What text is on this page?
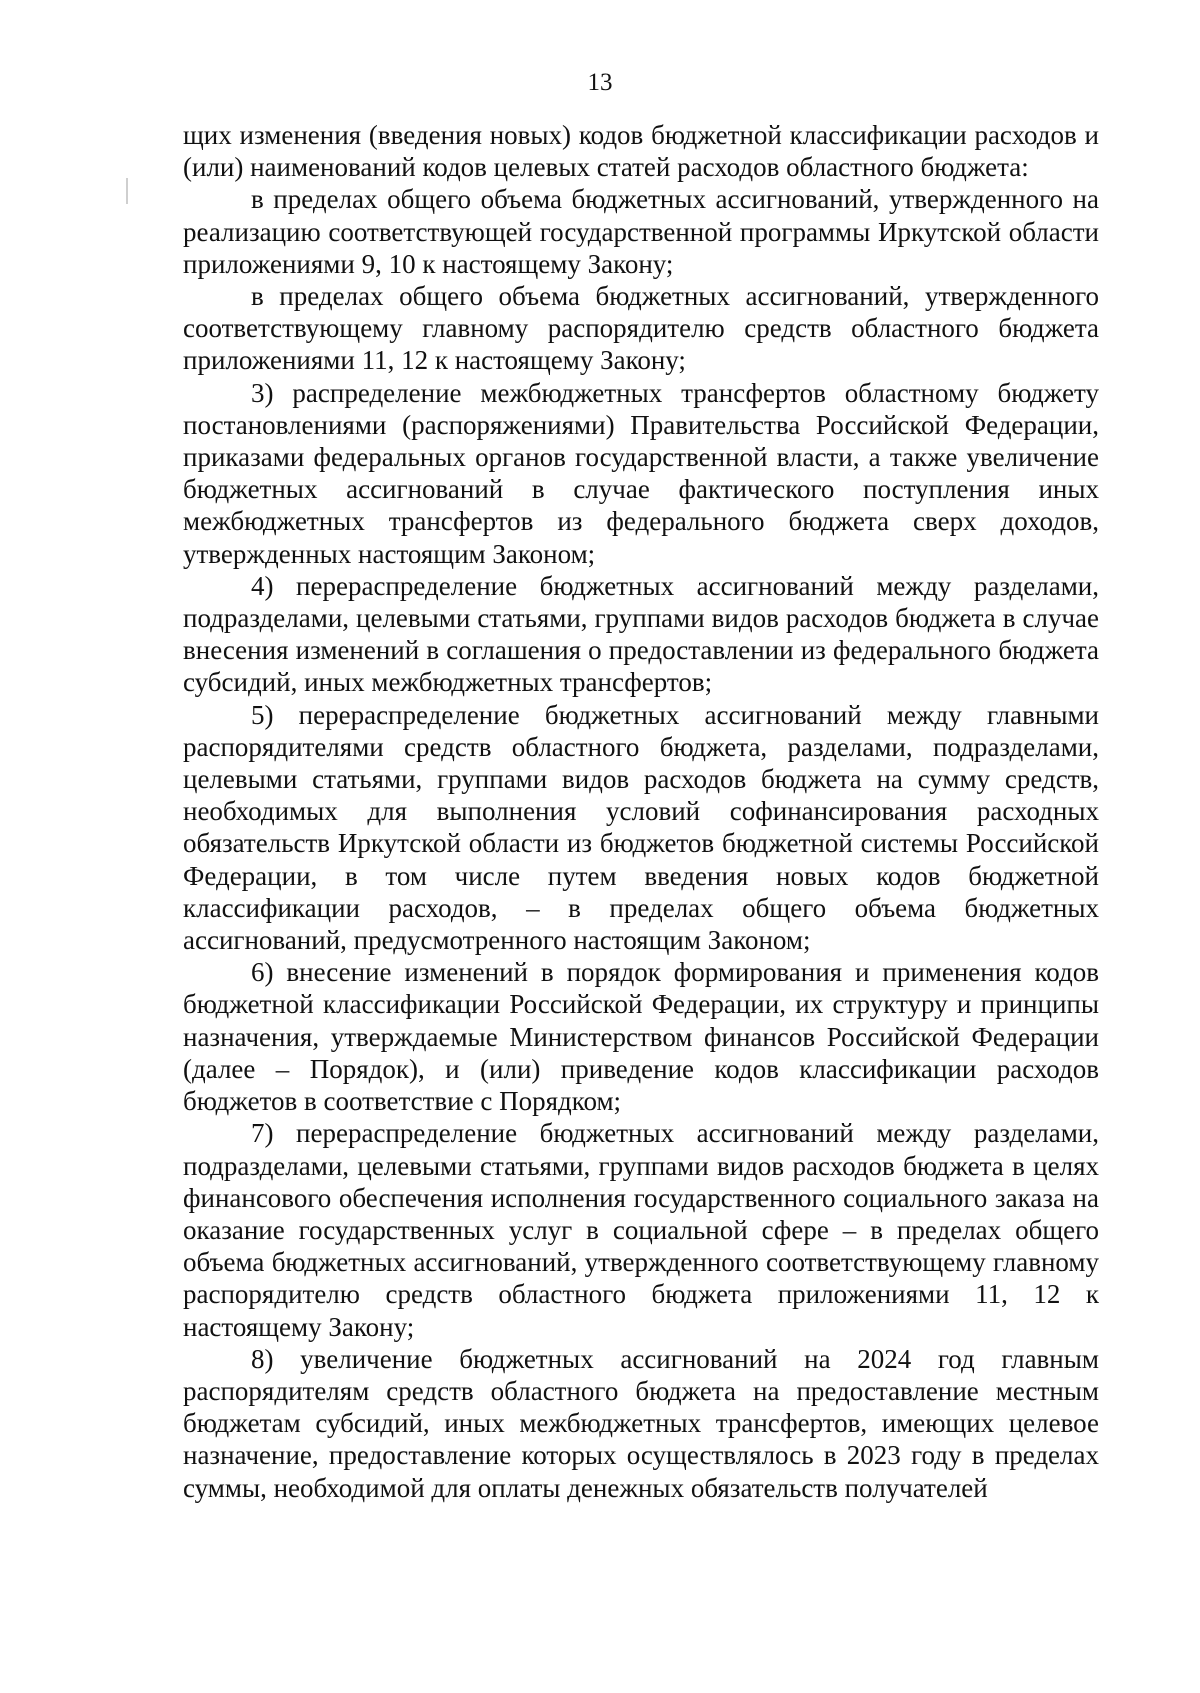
13

щих изменения (введения новых) кодов бюджетной классификации расходов и (или) наименований кодов целевых статей расходов областного бюджета:

в пределах общего объема бюджетных ассигнований, утвержденного на реализацию соответствующей государственной программы Иркутской области приложениями 9, 10 к настоящему Закону;

в пределах общего объема бюджетных ассигнований, утвержденного соответствующему главному распорядителю средств областного бюджета приложениями 11, 12 к настоящему Закону;

3) распределение межбюджетных трансфертов областному бюджету постановлениями (распоряжениями) Правительства Российской Федерации, приказами федеральных органов государственной власти, а также увеличение бюджетных ассигнований в случае фактического поступления иных межбюджетных трансфертов из федерального бюджета сверх доходов, утвержденных настоящим Законом;

4) перераспределение бюджетных ассигнований между разделами, подразделами, целевыми статьями, группами видов расходов бюджета в случае внесения изменений в соглашения о предоставлении из федерального бюджета субсидий, иных межбюджетных трансфертов;

5) перераспределение бюджетных ассигнований между главными распорядителями средств областного бюджета, разделами, подразделами, целевыми статьями, группами видов расходов бюджета на сумму средств, необходимых для выполнения условий софинансирования расходных обязательств Иркутской области из бюджетов бюджетной системы Российской Федерации, в том числе путем введения новых кодов бюджетной классификации расходов, – в пределах общего объема бюджетных ассигнований, предусмотренного настоящим Законом;

6) внесение изменений в порядок формирования и применения кодов бюджетной классификации Российской Федерации, их структуру и принципы назначения, утверждаемые Министерством финансов Российской Федерации (далее – Порядок), и (или) приведение кодов классификации расходов бюджетов в соответствие с Порядком;

7) перераспределение бюджетных ассигнований между разделами, подразделами, целевыми статьями, группами видов расходов бюджета в целях финансового обеспечения исполнения государственного социального заказа на оказание государственных услуг в социальной сфере – в пределах общего объема бюджетных ассигнований, утвержденного соответствующему главному распорядителю средств областного бюджета приложениями 11, 12 к настоящему Закону;

8) увеличение бюджетных ассигнований на 2024 год главным распорядителям средств областного бюджета на предоставление местным бюджетам субсидий, иных межбюджетных трансфертов, имеющих целевое назначение, предоставление которых осуществлялось в 2023 году в пределах суммы, необходимой для оплаты денежных обязательств получателей
